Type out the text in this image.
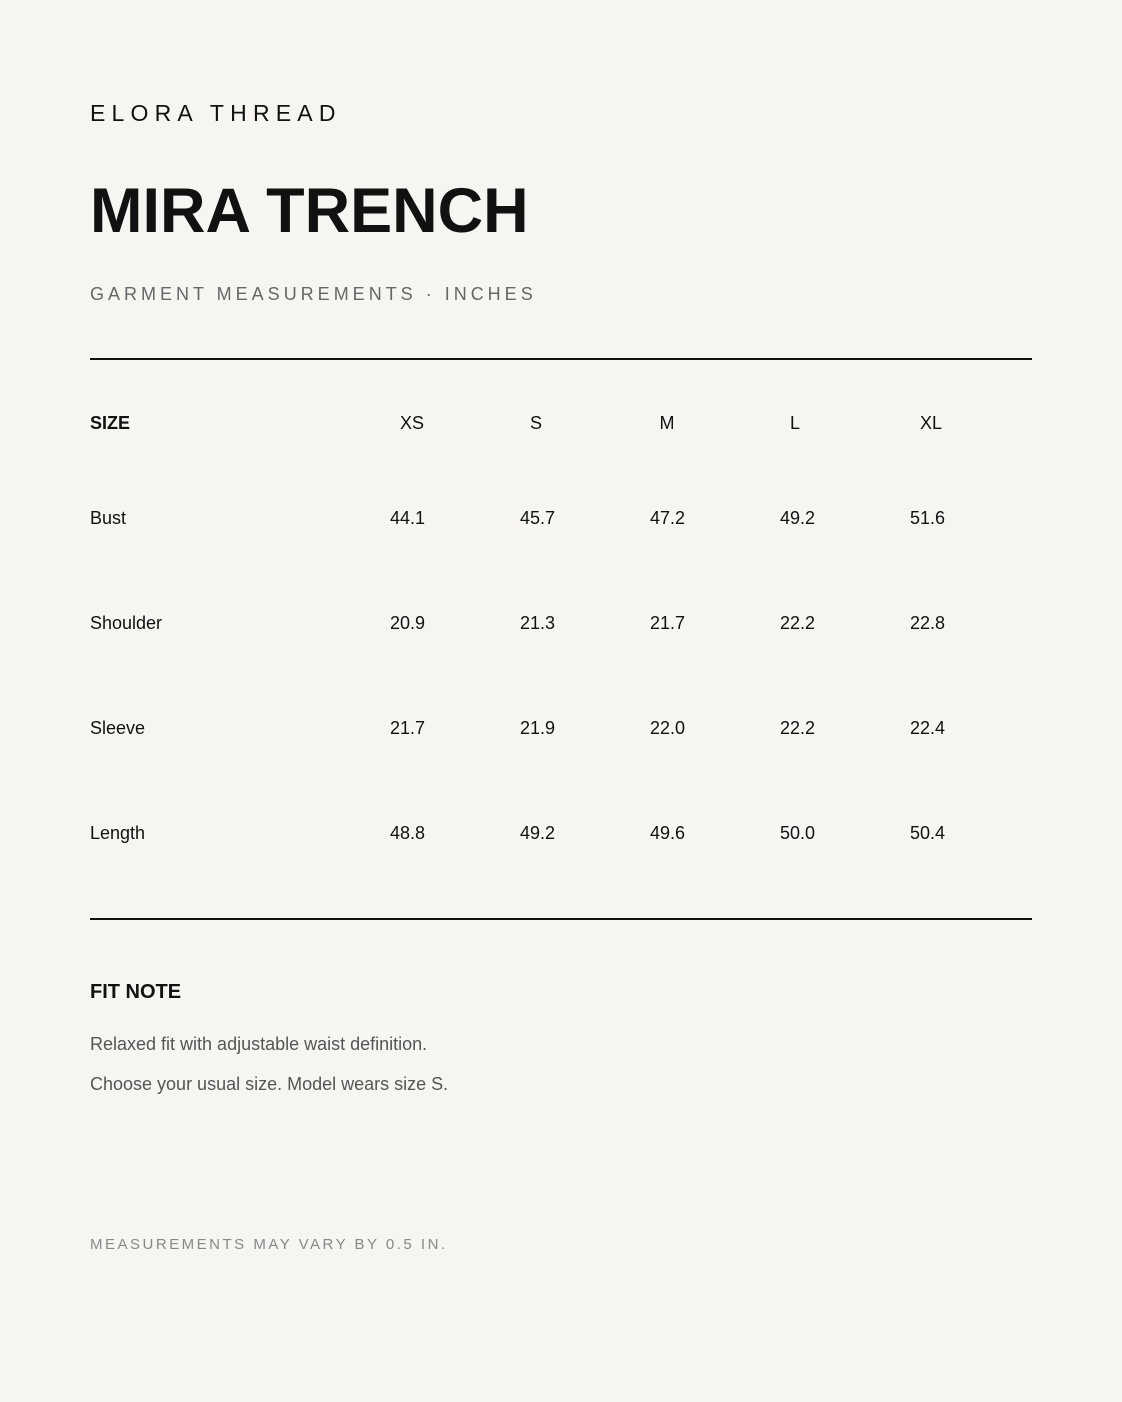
ELORA THREAD
MIRA TRENCH
GARMENT MEASUREMENTS · INCHES
SIZE	XS	S	M	L	XL
Bust	44.1	45.7	47.2	49.2	51.6
Shoulder	20.9	21.3	21.7	22.2	22.8
Sleeve	21.7	21.9	22.0	22.2	22.4
Length	48.8	49.2	49.6	50.0	50.4
FIT NOTE
Relaxed fit with adjustable waist definition.
Choose your usual size. Model wears size S.
MEASUREMENTS MAY VARY BY 0.5 IN.
